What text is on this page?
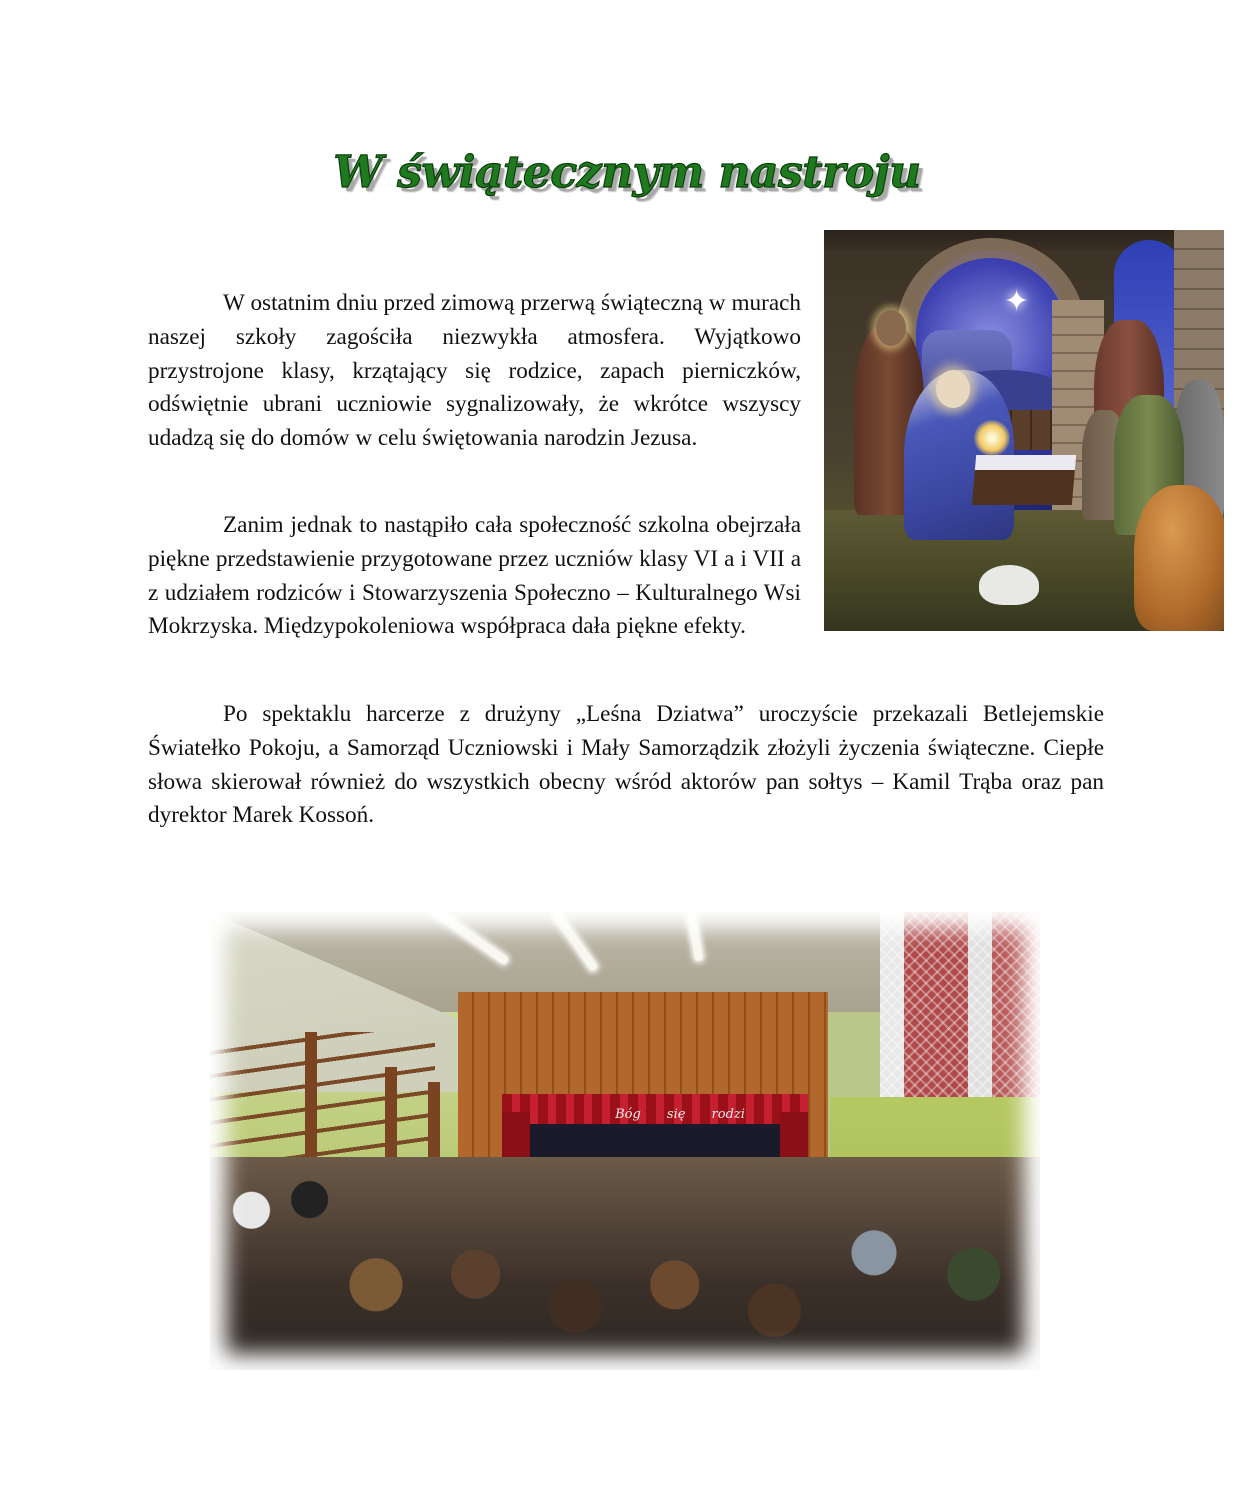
W świątecznym nastroju

W ostatnim dniu przed zimową przerwą świąteczną w murach naszej szkoły zagościła niezwykła atmosfera. Wyjątkowo przystrojone klasy, krzątający się rodzice, zapach pierniczków, odświętnie ubrani uczniowie sygnalizowały, że wkrótce wszyscy udadzą się do domów w celu świętowania narodzin Jezusa.

Zanim jednak to nastąpiło cała społeczność szkolna obejrzała piękne przedstawienie przygotowane przez uczniów klasy VI a i VII a z udziałem rodziców i Stowarzyszenia Społeczno – Kulturalnego Wsi Mokrzyska. Międzypokoleniowa współpraca dała piękne efekty.

Po spektaklu harcerze z drużyny „Leśna Dziatwa” uroczyście przekazali Betlejemskie Światełko Pokoju, a Samorząd Uczniowski i Mały Samorządzik złożyli życzenia świąteczne. Ciepłe słowa skierował również do wszystkich obecny wśród aktorów pan sołtys – Kamil Trąba oraz pan dyrektor Marek Kossoń.

✦
Bóg się rodzi
